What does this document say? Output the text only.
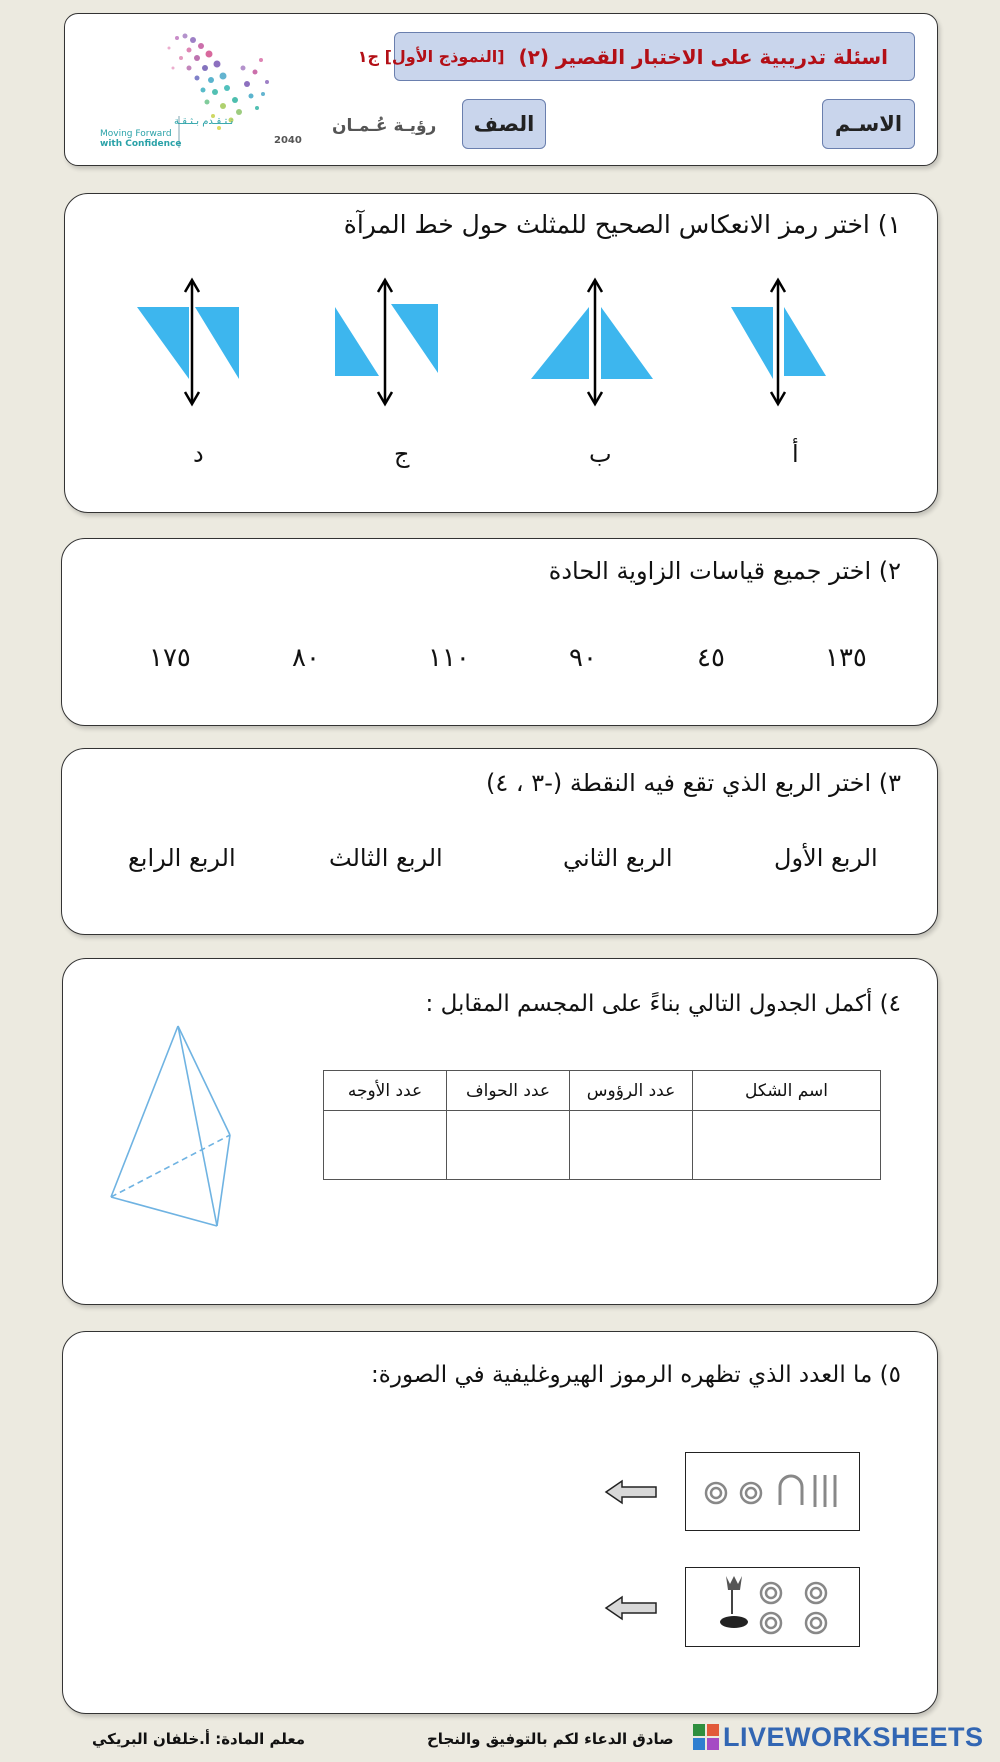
اسئلة تدريبية على الاختبار القصير (٢)
[النموذج الأول] ج١
الاسـم
الصف
رؤيـة عُـمـان
2040
نـتـقـدم بـثـقـة
Moving Forward
with Confidence
١) اختر رمز الانعكاس الصحيح للمثلث حول خط المرآة
أ
ب
ج
د
٢) اختر جميع قياسات الزاوية الحادة
١٣٥
٤٥
٩٠
١١٠
٨٠
١٧٥
٣) اختر الربع الذي تقع فيه النقطة (-٣ ، ٤)
الربع الأول
الربع الثاني
الربع الثالث
الربع الرابع
٤) أكمل الجدول التالي بناءً على المجسم المقابل :
اسم الشكل	عدد الرؤوس	عدد الحواف	عدد الأوجه

٥) ما العدد الذي تظهره الرموز الهيروغليفية في الصورة:
معلم المادة: أ.خلفان البريكي	صادق الدعاء لكم بالتوفيق والنجاح LIVEWORKSHEETS
